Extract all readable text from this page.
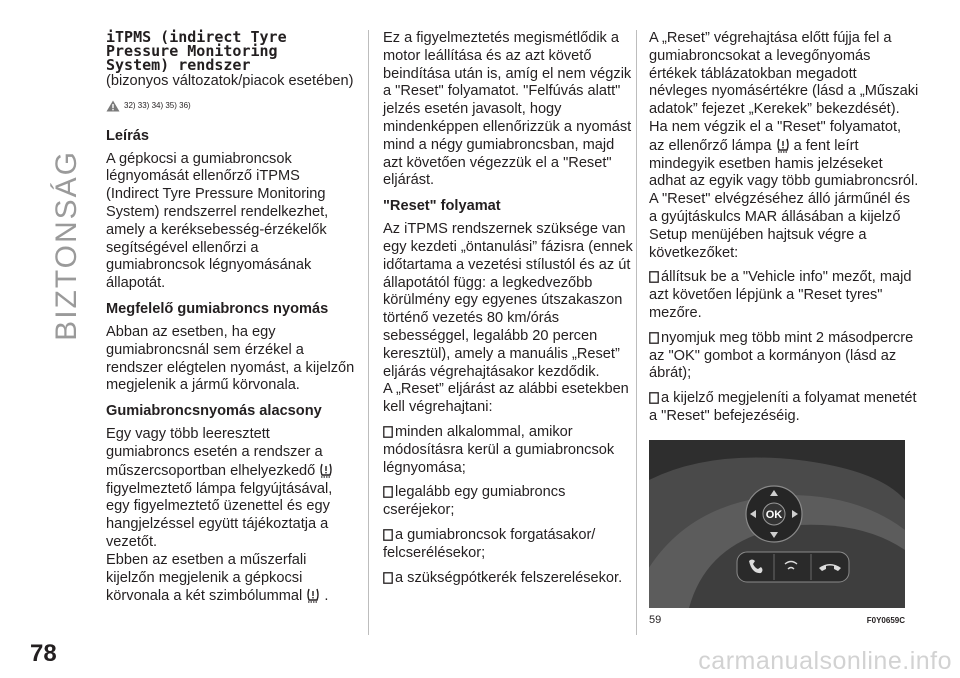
BIZTONSÁG
78	carmanualsonline.info
iTPMS (indirect Tyre
Pressure Monitoring
System) rendszer
(bizonyos változatok/piacok esetében)
32) 33) 34) 35) 36)
Leírás

A gépkocsi a gumiabroncsok légnyomását ellenőrző iTPMS (Indirect Tyre Pressure Monitoring System) rendszerrel rendelkezhet, amely a keréksebesség-érzékelők segítségével ellenőrzi a gumiabroncsok légnyomásának állapotát.

Megfelelő gumiabroncs nyomás

Abban az esetben, ha egy gumiabroncsnál sem érzékel a rendszer elégtelen nyomást, a kijelzőn megjelenik a jármű körvonala.

Gumiabroncsnyomás alacsony

Egy vagy több leeresztett gumiabroncs esetén a rendszer a műszercsoportban elhelyezkedő  figyelmeztető lámpa felgyújtásával, egy figyelmeztető üzenettel és egy hangjelzéssel együtt tájékoztatja a vezetőt.

Ebben az esetben a műszerfali kijelzőn megjelenik a gépkocsi körvonala a két szimbólummal .

Ez a figyelmeztetés megismétlődik a motor leállítása és az azt követő beindítása után is, amíg el nem végzik a "Reset" folyamatot. "Felfúvás alatt" jelzés esetén javasolt, hogy mindenképpen ellenőrizzük a nyomást mind a négy gumiabroncsban, majd azt követően végezzük el a "Reset" eljárást.

"Reset" folyamat

Az iTPMS rendszernek szüksége van egy kezdeti „öntanulási” fázisra (ennek időtartama a vezetési stílustól és az út állapotától függ: a legkedvezőbb körülmény egy egyenes útszakaszon történő vezetés 80 km/órás sebességgel, legalább 20 percen keresztül), amely a manuális „Reset” eljárás végrehajtásakor kezdődik.

A „Reset” eljárást az alábbi esetekben kell végrehajtani:

minden alkalommal, amikor módosításra kerül a gumiabroncsok légnyomása;

legalább egy gumiabroncs cseréjekor;

a gumiabroncsok forgatásakor/ felcserélésekor;

a szükségpótkerék felszerelésekor.

A „Reset” végrehajtása előtt fújja fel a gumiabroncsokat a levegőnyomás értékek táblázatokban megadott névleges nyomásértékre (lásd a „Műszaki adatok” fejezet „Kerekek” bekezdését).

Ha nem végzik el a "Reset" folyamatot, az ellenőrző lámpa a fent leírt mindegyik esetben hamis jelzéseket adhat az egyik vagy több gumiabroncsról.

A "Reset" elvégzéséhez álló járműnél és a gyújtáskulcs MAR állásában a kijelző Setup menüjében hajtsuk végre a következőket:

állítsuk be a "Vehicle info" mezőt, majd azt követően lépjünk a "Reset tyres" mezőre.

nyomjuk meg több mint 2 másodpercre az "OK" gombot a kormányon (lásd az ábrát);

a kijelző megjeleníti a folyamat menetét a "Reset" befejezéséig.

OK
59	F0Y0659C
